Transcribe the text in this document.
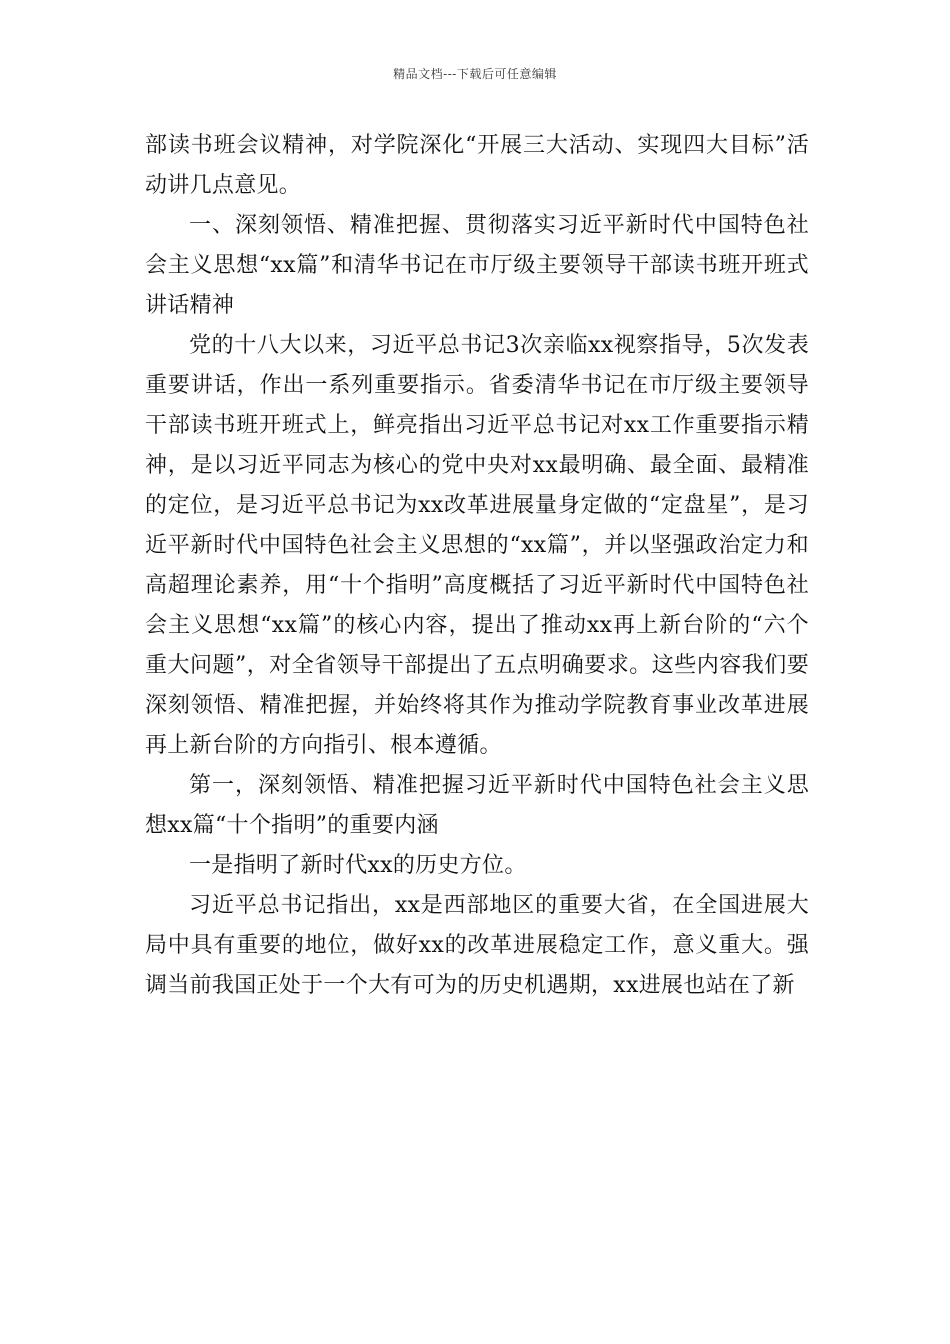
精品文档---下载后可任意编辑

部读书班会议精神，对学院深化“开展三大活动、实现四大目标”活动讲几点意见。

一、深刻领悟、精准把握、贯彻落实习近平新时代中国特色社会主义思想“xx篇”和清华书记在市厅级主要领导干部读书班开班式讲话精神

党的十八大以来，习近平总书记3次亲临xx视察指导，5次发表重要讲话，作出一系列重要指示。省委清华书记在市厅级主要领导干部读书班开班式上，鲜亮指出习近平总书记对xx工作重要指示精神，是以习近平同志为核心的党中央对xx最明确、最全面、最精准的定位，是习近平总书记为xx改革进展量身定做的“定盘星”，是习近平新时代中国特色社会主义思想的“xx篇”，并以坚强政治定力和高超理论素养，用“十个指明”高度概括了习近平新时代中国特色社会主义思想“xx篇”的核心内容，提出了推动xx再上新台阶的“六个重大问题”，对全省领导干部提出了五点明确要求。这些内容我们要深刻领悟、精准把握，并始终将其作为推动学院教育事业改革进展再上新台阶的方向指引、根本遵循。

第一，深刻领悟、精准把握习近平新时代中国特色社会主义思想xx篇“十个指明”的重要内涵

一是指明了新时代xx的历史方位。

习近平总书记指出，xx是西部地区的重要大省，在全国进展大局中具有重要的地位，做好xx的改革进展稳定工作，意义重大。强调当前我国正处于一个大有可为的历史机遇期，xx进展也站在了新
